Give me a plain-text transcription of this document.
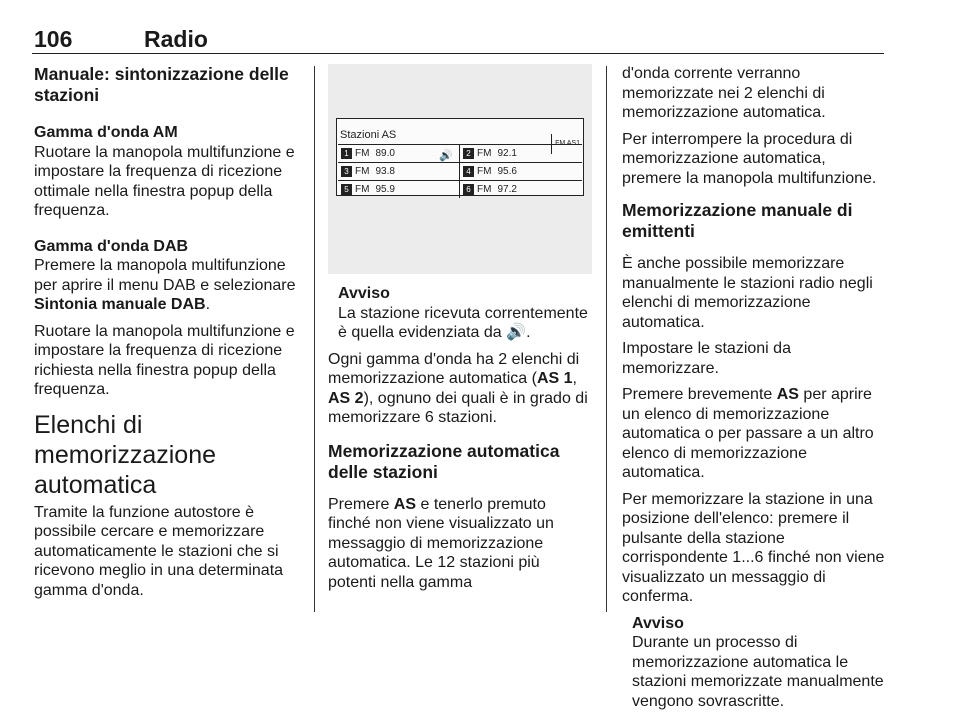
106	Radio
Manuale: sintonizzazione delle stazioni
Gamma d'onda AM

Ruotare la manopola multifunzione e impostare la frequenza di ricezione ottimale nella finestra popup della frequenza.

Gamma d'onda DAB

Premere la manopola multifunzione per aprire il menu DAB e selezionare Sintonia manuale DAB.

Ruotare la manopola multifunzione e impostare la frequenza di ricezione richiesta nella finestra popup della frequenza.

Elenchi di memorizzazione automatica

Tramite la funzione autostore è possibile cercare e memorizzare automaticamente le stazioni che si ricevono meglio in una determinata gamma d'onda.

Stazioni AS
FM AS1
1 FM 89.0	🔊	2 FM 92.1
3 FM 93.8	4 FM 95.6
5 FM 95.9	6 FM 97.2
Avviso

La stazione ricevuta correntemente è quella evidenziata da 🔊.

Ogni gamma d'onda ha 2 elenchi di memorizzazione automatica (AS 1, AS 2), ognuno dei quali è in grado di memorizzare 6 stazioni.

Memorizzazione automatica delle stazioni

Premere AS e tenerlo premuto finché non viene visualizzato un messaggio di memorizzazione automatica. Le 12 stazioni più potenti nella gamma

d'onda corrente verranno memorizzate nei 2 elenchi di memorizzazione automatica.

Per interrompere la procedura di memorizzazione automatica, premere la manopola multifunzione.

Memorizzazione manuale di emittenti

È anche possibile memorizzare manualmente le stazioni radio negli elenchi di memorizzazione automatica.

Impostare le stazioni da memorizzare.

Premere brevemente AS per aprire un elenco di memorizzazione automatica o per passare a un altro elenco di memorizzazione automatica.

Per memorizzare la stazione in una posizione dell'elenco: premere il pulsante della stazione corrispondente 1...6 finché non viene visualizzato un messaggio di conferma.

Avviso

Durante un processo di memorizzazione automatica le stazioni memorizzate manualmente vengono sovrascritte.
